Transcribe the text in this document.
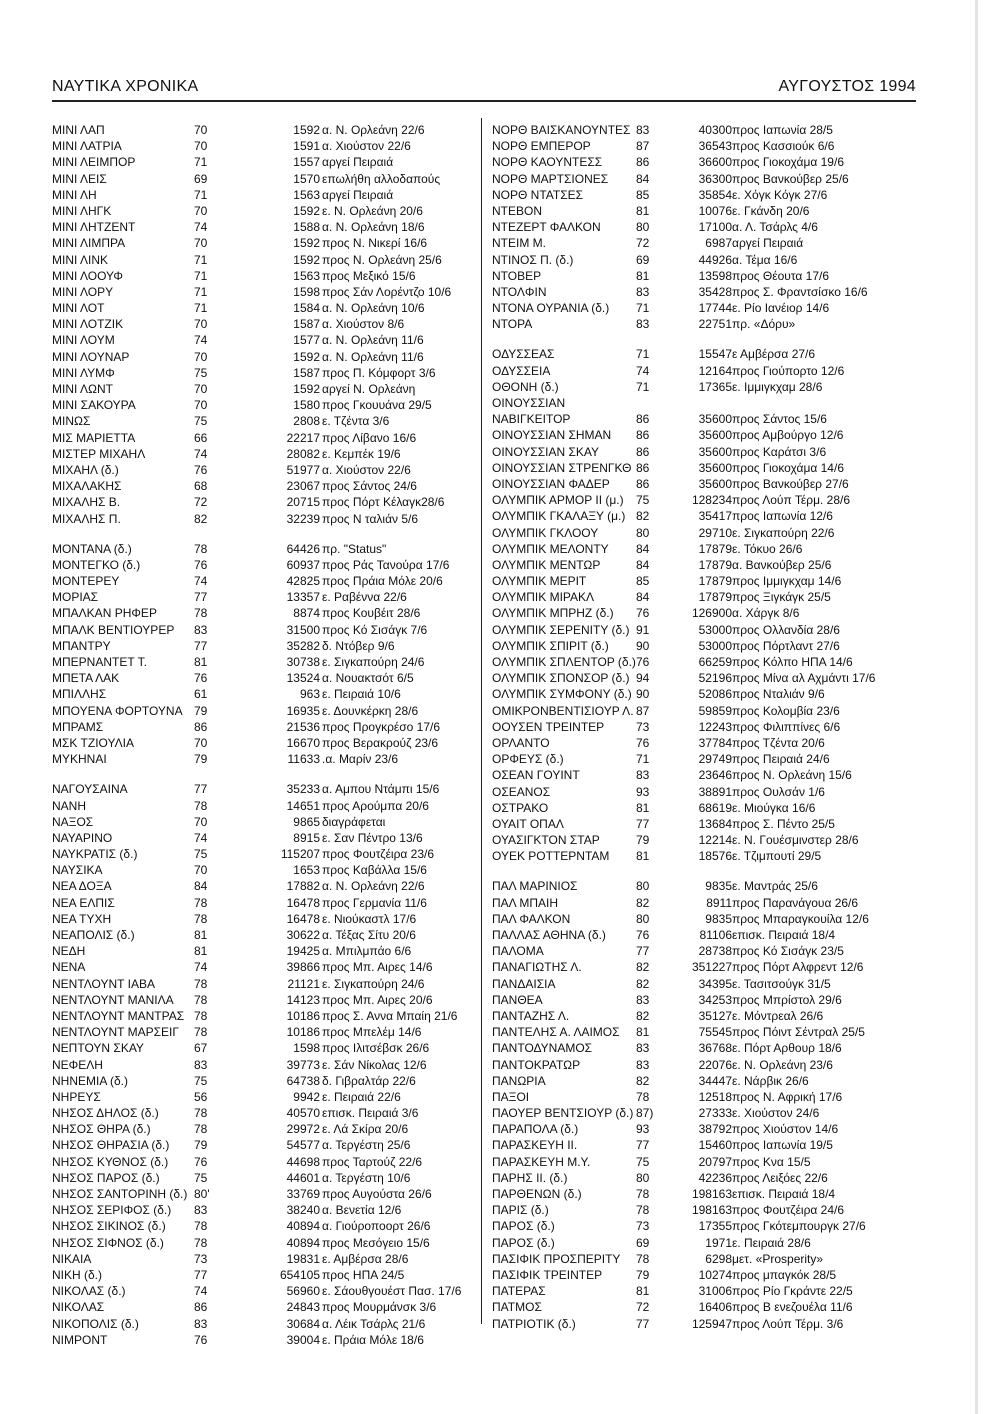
ΝΑΥΤΙΚΑ ΧΡΟΝΙΚΑ	ΑΥΓΟΥΣΤΟΣ 1994
ΜΙΝΙ ΛΑΠ	70	1592 α. Ν. Ορλεάνη 22/6
ΜΙΝΙ ΛΑΤΡΙΑ	70	1591 α. Χιούστον 22/6
ΜΙΝΙ ΛΕΙΜΠΟΡ	71	1557 αργεί Πειραιά
ΜΙΝΙ ΛΕΙΣ	69	1570 επωλήθη αλλοδαπούς
ΜΙΝΙ ΛΗ	71	1563 αργεί Πειραιά
ΜΙΝΙ ΛΗΓΚ	70	1592 ε. Ν. Ορλεάνη 20/6
ΜΙΝΙ ΛΗΤΖΕΝΤ	74	1588 α. Ν. Ορλεάνη 18/6
ΜΙΝΙ ΛΙΜΠΡΑ	70	1592 προς Ν. Νικερί 16/6
ΜΙΝΙ ΛΙΝΚ	71	1592 προς Ν. Ορλεάνη 25/6
ΜΙΝΙ ΛΟΟΥΦ	71	1563 προς Μεξικό 15/6
ΜΙΝΙ ΛΟΡΥ	71	1598 προς Σάν Λορέντζο 10/6
ΜΙΝΙ ΛΟΤ	71	1584 α. Ν. Ορλεάνη 10/6
ΜΙΝΙ ΛΟΤΖΙΚ	70	1587 α. Χιούστον 8/6
ΜΙΝΙ ΛΟΥΜ	74	1577 α. Ν. Ορλεάνη 11/6
ΜΙΝΙ ΛΟΥΝΑΡ	70	1592 α. Ν. Ορλεάνη 11/6
ΜΙΝΙ ΛΥΜΦ	75	1587 προς Π. Κόμφορτ 3/6
ΜΙΝΙ ΛΩΝΤ	70	1592 αργεί Ν. Ορλεάνη
ΜΙΝΙ ΣΑΚΟΥΡΑ	70	1580 προς Γκουυάνα 29/5
ΜΙΝΩΣ	75	2808 ε. Τζέντα 3/6
ΜΙΣ ΜΑΡΙΕΤΤΑ	66	22217 προς Λίβανο 16/6
ΜΙΣΤΕΡ ΜΙΧΑΗΛ	74	28082 ε. Κεμπέκ 19/6
ΜΙΧΑΗΛ (δ.)	76	51977 α. Χιούστον 22/6
ΜΙΧΑΛΑΚΗΣ	68	23067 προς Σάντος 24/6
ΜΙΧΑΛΗΣ Β.	72	20715 προς Πόρτ Κέλαγκ28/6
ΜΙΧΑΛΗΣ Π.	82	32239 προς Ν ταλιάν 5/6
ΜΟΝΤΑΝΑ (δ.)	78	64426 πρ. "Status"
ΜΟΝΤΕΓΚΟ (δ.)	76	60937 προς Ράς Τανούρα 17/6
ΜΟΝΤΕΡΕΥ	74	42825 προς Πράια Μόλε 20/6
ΜΟΡΙΑΣ	77	13357 ε. Ραβέννα 22/6
ΜΠΑΛΚΑΝ ΡΗΦΕΡ	78	8874 προς Κουβέιτ 28/6
ΜΠΑΛΚ ΒΕΝΤΙΟΥΡΕΡ 83	31500 προς Κό Σισάγκ 7/6
ΜΠΑΝΤΡΥ	77	35282 δ. Ντόβερ 9/6
ΜΠΕΡΝΑΝΤΕΤ Τ.	81	30738 ε. Σιγκαπούρη 24/6
ΜΠΕΤΑ ΛΑΚ	76	13524 α. Νουακτσότ 6/5
ΜΠΙΛΛΗΣ	61	963 ε. Πειραιά 10/6
ΜΠΟΥΕΝΑ ΦΟΡΤΟΥΝΑ 79	16935 ε. Δουνκέρκη 28/6
ΜΠΡΑΜΣ	86	21536 προς Προγκρέσο 17/6
ΜΣΚ ΤΖΙΟΥΛΙΑ	70	16670 προς Βερακρούζ 23/6
ΜΥΚΗΝΑΙ	79	11633 .α. Μαρίν 23/6
ΝΑΓΟΥΣΑΙΝΑ	77	35233 α. Αμπου Ντάμπι 15/6
ΝΑΝΗ	78	14651 προς Αρούμπα 20/6
ΝΑΞΟΣ	70	9865 διαγράφεται
ΝΑΥΑΡΙΝΟ	74	8915 ε. Σαν Πέντρο 13/6
ΝΑΥΚΡΑΤΙΣ (δ.)	75	115207 προς Φουτζέιρα 23/6
ΝΑΥΣΙΚΑ	70	1653 προς Καβάλλα 15/6
ΝΕΑ ΔΟΞΑ	84	17882 α. Ν. Ορλεάνη 22/6
ΝΕΑ ΕΛΠΙΣ	78	16478 προς Γερμανία 11/6
ΝΕΑ ΤΥΧΗ	78	16478 ε. Νιούκαστλ 17/6
ΝΕΑΠΟΛΙΣ (δ.)	81	30622 α. Τέξας Σίτυ 20/6
ΝΕΔΗ	81	19425 α. Μπιλμπάο 6/6
ΝΕΝΑ	74	39866 προς Μπ. Αιρες 14/6
ΝΕΝΤΛΟΥΝΤ ΙΑΒΑ	78	21121 ε. Σιγκαπούρη 24/6
ΝΕΝΤΛΟΥΝΤ ΜΑΝΙΛΑ 78	14123 προς Μπ. Αιρες 20/6
ΝΕΝΤΛΟΥΝΤ ΜΑΝΤΡΑΣ 78	10186 προς Σ. Αννα Μπαίη 21/6
ΝΕΝΤΛΟΥΝΤ ΜΑΡΣΕΙΓ 78	10186 προς Μπελέμ 14/6
ΝΕΠΤΟΥΝ ΣΚΑΥ	67	1598 προς Ιλιτσέβσκ 26/6
ΝΕΦΕΛΗ	83	39773 ε. Σάν Νίκολας 12/6
ΝΗΝΕΜΙΑ (δ.)	75	64738 δ. Γιβραλτάρ 22/6
ΝΗΡΕΥΣ	56	9942 ε. Πειραιά 22/6
ΝΗΣΟΣ ΔΗΛΟΣ (δ.)	78	40570 επισκ. Πειραιά 3/6
ΝΗΣΟΣ ΘΗΡΑ (δ.)	78	29972 ε. Λά Σκίρα 20/6
ΝΗΣΟΣ ΘΗΡΑΣΙΑ (δ.) 79	54577 α. Τεργέστη 25/6
ΝΗΣΟΣ ΚΥΘΝΟΣ (δ.) 76	44698 προς Ταρτούζ 22/6
ΝΗΣΟΣ ΠΑΡΟΣ (δ.)	75	44601 α. Τεργέστη 10/6
ΝΗΣΟΣ ΣΑΝΤΟΡΙΝΗ (δ.) 80'	33769 προς Αυγούστα 26/6
ΝΗΣΟΣ ΣΕΡΙΦΟΣ (δ.) 83	38240 α. Βενετία 12/6
ΝΗΣΟΣ ΣΙΚΙΝΟΣ (δ.) 78	40894 α. Γιούροποορτ 26/6
ΝΗΣΟΣ ΣΙΦΝΟΣ (δ.)	78	40894 προς Μεσόγειο 15/6
ΝΙΚΑΙΑ	73	19831 ε. Αμβέρσα 28/6
ΝΙΚΗ (δ.)	77	654105 προς ΗΠΑ 24/5
ΝΙΚΟΛΑΣ (δ.)	74	56960 ε. Σάουθγουέστ Πασ. 17/6
ΝΙΚΟΛΑΣ	86	24843 προς Μουρμάνσκ 3/6
ΝΙΚΟΠΟΛΙΣ (δ.)	83	30684 α. Λέικ Τσάρλς 21/6
ΝΙΜΡΟΝΤ	76	39004 ε. Πράια Μόλε 18/6
ΝΟΡΘ ΒΑΙΣΚΑΝΟΥΝΤΕΣ 83	40300 προς Ιαπωνία 28/5
ΝΟΡΘ ΕΜΠΕΡΟΡ	87	36543 προς Κασσιούκ 6/6
ΝΟΡΘ ΚΑΟΥΝΤΕΣΣ	86	36600 προς Γιοκοχάμα 19/6
ΝΟΡΘ ΜΑΡΤΣΙΟΝΕΣ 84	36300 προς Βανκούβερ 25/6
ΝΟΡΘ ΝΤΑΤΣΕΣ	85	35854 ε. Χόγκ Κόγκ 27/6
ΝΤΕΒΟΝ	81	10076 ε. Γκάνδη 20/6
ΝΤΕΖΕΡΤ ΦΑΛΚΟΝ	80	17100 α. Λ. Τσάρλς 4/6
ΝΤΕΙΜ Μ.	72	6987 αργεί Πειραιά
ΝΤΙΝΟΣ Π. (δ.)	69	44926 α. Τέμα 16/6
ΝΤΟΒΕΡ	81	13598 προς Θέουτα 17/6
ΝΤΟΛΦΙΝ	83	35428 προς Σ. Φραντσίσκο 16/6
ΝΤΟΝΑ ΟΥΡΑΝΙΑ (δ.) 71	17744 ε. Ρίο Ιανέιορ 14/6
ΝΤΟΡΑ	83	22751 πρ. «Δόρυ»
ΟΔΥΣΣΕΑΣ	71	15547 ε Αμβέρσα 27/6
ΟΔΥΣΣΕΙΑ	74	12164 προς Γιούπορτο 12/6
ΟΘΟΝΗ (δ.)	71	17365 ε. Ιμμιγκχαμ 28/6
ΟΙΝΟΥΣΣΙΑΝ
ΝΑΒΙΓΚΕΙΤΟΡ	86	35600 προς Σάντος 15/6
ΟΙΝΟΥΣΣΙΑΝ ΣΗΜΑΝ 86	35600 προς Αμβούργο 12/6
ΟΙΝΟΥΣΣΙΑΝ ΣΚΑΥ	86	35600 προς Καράτσι 3/6
ΟΙΝΟΥΣΣΙΑΝ ΣΤΡΕΝΓΚΘ 86	35600 προς Γιοκοχάμα 14/6
ΟΙΝΟΥΣΣΙΑΝ ΦΑΔΕΡ 86	35600 προς Βανκούβερ 27/6
ΟΛΥΜΠΙΚ ΑΡΜΟΡ ΙΙ (μ.) 75	128234 προς Λούπ Τέρμ. 28/6
ΟΛΥΜΠΙΚ ΓΚΑΛΑΞΥ (μ.) 82	35417 προς Ιαπωνία 12/6
ΟΛΥΜΠΙΚ ΓΚΛΟΟΥ	80	29710 ε. Σιγκαπούρη 22/6
ΟΛΥΜΠΙΚ ΜΕΛΟΝΤΥ 84	17879 ε. Τόκυο 26/6
ΟΛΥΜΠΙΚ ΜΕΝΤΩΡ	84	17879 α. Βανκούβερ 25/6
ΟΛΥΜΠΙΚ ΜΕΡΙΤ	85	17879 προς Ιμμιγκχαμ 14/6
ΟΛΥΜΠΙΚ ΜΙΡΑΚΛ	84	17879 προς Ξιγκάγκ 25/5
ΟΛΥΜΠΙΚ ΜΠΡΗΖ (δ.) 76	126900 α. Χάργκ 8/6
ΟΛΥΜΠΙΚ ΣΕΡΕΝΙΤΥ (δ.) 91	53000 προς Ολλανδία 28/6
ΟΛΥΜΠΙΚ ΣΠΙΡΙΤ (δ.) 90	53000 προς Πόρτλαντ 27/6
ΟΛΥΜΠΙΚ ΣΠΛΕΝΤΟΡ (δ.) 76	66259 προς Κόλπο ΗΠΑ 14/6
ΟΛΥΜΠΙΚ ΣΠΟΝΣΟΡ (δ.) 94	52196 προς Μίνα αλ Αχμάντι 17/6
ΟΛΥΜΠΙΚ ΣΥΜΦΟΝΥ (δ.) 90	52086 προς Νταλιάν 9/6
ΟΜΙΚΡΟΝΒΕΝΤΙΣΙΟΥΡ Λ. 87	59859 προς Κολομβία 23/6
ΟΟΥΣΕΝ ΤΡΕΙΝΤΕΡ	73	12243 προς Φιλιππίνες 6/6
ΟΡΛΑΝΤΟ	76	37784 προς Τζέντα 20/6
ΟΡΦΕΥΣ (δ.)	71	29749 προς Πειραιά 24/6
ΟΣΕΑΝ ΓΟΥΙΝΤ	83	23646 προς Ν. Ορλεάνη 15/6
ΟΣΕΑΝΟΣ	93	38891 προς Ουλσάν 1/6
ΟΣΤΡΑΚΟ	81	68619 ε. Μιούγκα 16/6
ΟΥΑΙΤ ΟΠΑΛ	77	13684 προς Σ. Πέντο 25/5
ΟΥΑΣΙΓΚΤΟΝ ΣΤΑΡ	79	12214 ε. Ν. Γουέσμινστερ 28/6
ΟΥΕΚ ΡΟΤΤΕΡΝΤΑΜ 81	18576 ε. Τζιμπουτί 29/5
ΠΑΛ ΜΑΡΙΝΙΟΣ	80	9835 ε. Μαντράς 25/6
ΠΑΛ ΜΠΑΙΗ	82	8911 προς Παρανάγουα 26/6
ΠΑΛ ΦΑΛΚΟΝ	80	9835 προς Μπαραγκουίλα 12/6
ΠΑΛΛΑΣ ΑΘΗΝΑ (δ.)	76	81106 επισκ. Πειραιά 18/4
ΠΑΛΟΜΑ	77	28738 προς Κό Σισάγκ 23/5
ΠΑΝΑΓΙΩΤΗΣ Λ.	82	351227 προς Πόρτ Αλφρεντ 12/6
ΠΑΝΔΑΙΣΙΑ	82	34395 ε. Τασιτσούγκ 31/5
ΠΑΝΘΕΑ	83	34253 προς Μπρίστολ 29/6
ΠΑΝΤΑΖΗΣ Λ.	82	35127 ε. Μόντρεαλ 26/6
ΠΑΝΤΕΛΗΣ Α. ΛΑΙΜΟΣ 81	75545 προς Πόιντ Σέντραλ 25/5
ΠΑΝΤΟΔΥΝΑΜΟΣ	83	36768 ε. Πόρτ Αρθουρ 18/6
ΠΑΝΤΟΚΡΑΤΩΡ	83	22076 ε. Ν. Ορλεάνη 23/6
ΠΑΝΩΡΙΑ	82	34447 ε. Νάρβικ 26/6
ΠΑΞΟΙ	78	12518 προς Ν. Αφρική 17/6
ΠΑΟΥΕΡ ΒΕΝΤΣΙΟΥΡ (δ.) 87)	27333 ε. Χιούστον 24/6
ΠΑΡΑΠΟΛΑ (δ.)	93	38792 προς Χιούστον 14/6
ΠΑΡΑΣΚΕΥΗ ΙΙ.	77	15460 προς Ιαπωνία 19/5
ΠΑΡΑΣΚΕΥΗ Μ.Υ.	75	20797 προς Κνα 15/5
ΠΑΡΗΣ ΙΙ. (δ.)	80	42236 προς Λειξόες 22/6
ΠΑΡΘΕΝΩΝ (δ.)	78	198163 επισκ. Πειραιά 18/4
ΠΑΡΙΣ (δ.)	78	198163 προς Φουτζέιρα 24/6
ΠΑΡΟΣ (δ.)	73	17355 προς Γκότεμπουργκ 27/6
ΠΑΡΟΣ (δ.)	69	1971 ε. Πειραιά 28/6
ΠΑΣΙΦΙΚ ΠΡΟΣΠΕΡΙΤΥ 78	6298 μετ. «Prosperity»
ΠΑΣΙΦΙΚ ΤΡΕΙΝΤΕΡ	79	10274 προς μπαγκόκ 28/5
ΠΑΤΕΡΑΣ	81	31006 προς Ρίο Γκράντε 22/5
ΠΑΤΜΟΣ	72	16406 προς Β ενεζουέλα 11/6
ΠΑΤΡΙΟΤΙΚ (δ.)	77	125947 προς Λούπ Τέρμ. 3/6
